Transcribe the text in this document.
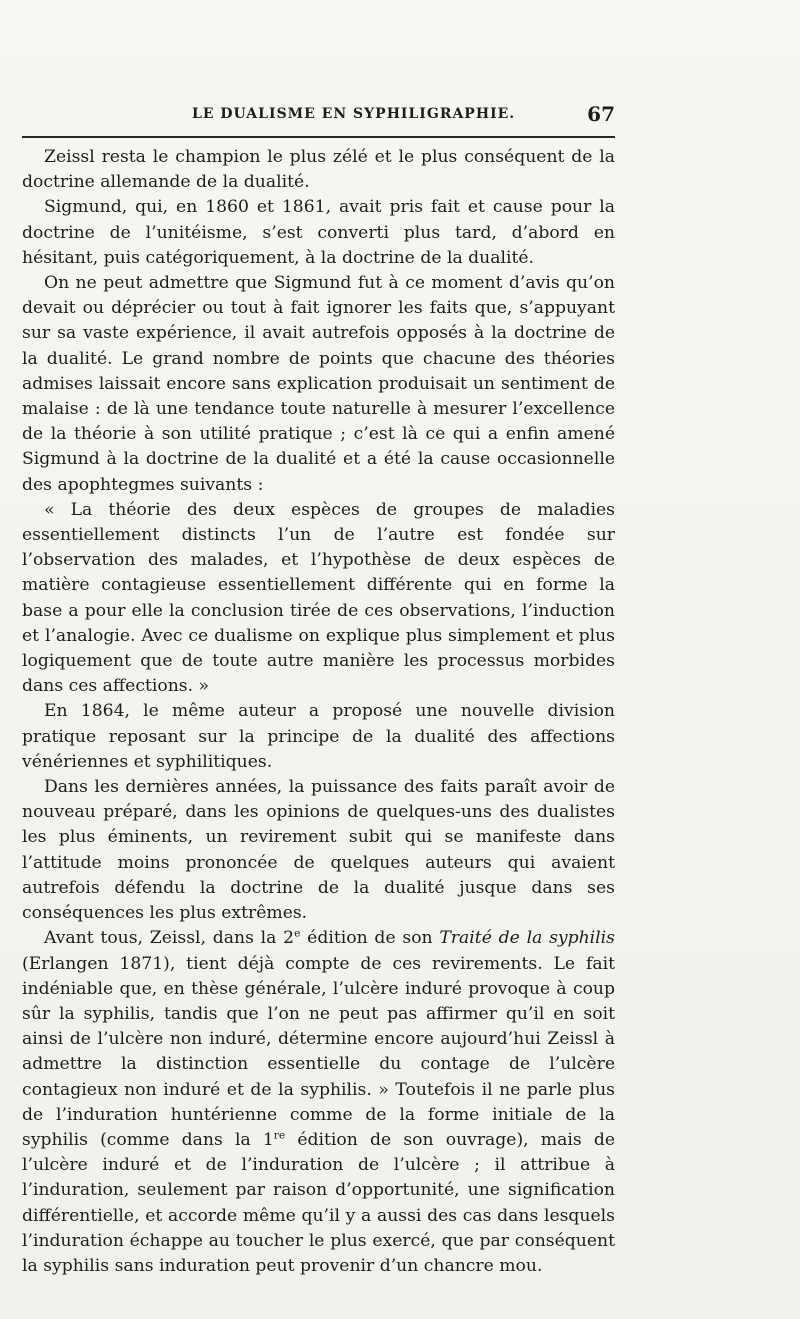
LE DUALISME EN SYPHILIGRAPHIE.	67

Zeissl resta le champion le plus zélé et le plus conséquent de la doctrine allemande de la dualité.

Sigmund, qui, en 1860 et 1861, avait pris fait et cause pour la doctrine de l’unitéisme, s’est converti plus tard, d’abord en hésitant, puis catégoriquement, à la doctrine de la dualité.

On ne peut admettre que Sigmund fut à ce moment d’avis qu’on devait ou déprécier ou tout à fait ignorer les faits que, s’appuyant sur sa vaste expérience, il avait autrefois opposés à la doctrine de la dualité. Le grand nombre de points que chacune des théories admises laissait encore sans explication produisait un sentiment de malaise : de là une tendance toute naturelle à mesurer l’excellence de la théorie à son utilité pratique ; c’est là ce qui a enfin amené Sigmund à la doctrine de la dualité et a été la cause occasionnelle des apophtegmes suivants :

« La théorie des deux espèces de groupes de maladies essentiellement distincts l’un de l’autre est fondée sur l’observation des malades, et l’hypothèse de deux espèces de matière contagieuse essentiellement différente qui en forme la base a pour elle la conclusion tirée de ces observations, l’induction et l’analogie. Avec ce dualisme on explique plus simplement et plus logiquement que de toute autre manière les processus morbides dans ces affections. »

En 1864, le même auteur a proposé une nouvelle division pratique reposant sur la principe de la dualité des affections vénériennes et syphilitiques.

Dans les dernières années, la puissance des faits paraît avoir de nouveau préparé, dans les opinions de quelques-uns des dualistes les plus éminents, un revirement subit qui se manifeste dans l’attitude moins prononcée de quelques auteurs qui avaient autrefois défendu la doctrine de la dualité jusque dans ses conséquences les plus extrêmes.

Avant tous, Zeissl, dans la 2e édition de son Traité de la syphilis (Erlangen 1871), tient déjà compte de ces revirements. Le fait indéniable que, en thèse générale, l’ulcère induré provoque à coup sûr la syphilis, tandis que l’on ne peut pas affirmer qu’il en soit ainsi de l’ulcère non induré, détermine encore aujourd’hui Zeissl à admettre la distinction essentielle du contage de l’ulcère contagieux non induré et de la syphilis. » Toutefois il ne parle plus de l’induration huntérienne comme de la forme initiale de la syphilis (comme dans la 1re édition de son ouvrage), mais de l’ulcère induré et de l’induration de l’ulcère ; il attribue à l’induration, seulement par raison d’opportunité, une signification différentielle, et accorde même qu’il y a aussi des cas dans lesquels l’induration échappe au toucher le plus exercé, que par conséquent la syphilis sans induration peut provenir d’un chancre mou.
